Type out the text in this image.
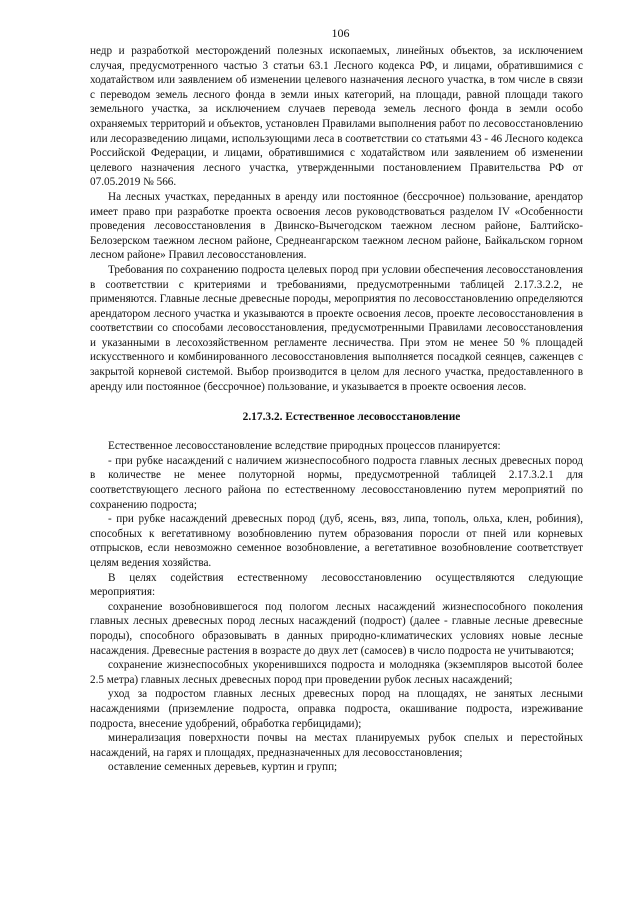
106

недр и разработкой месторождений полезных ископаемых, линейных объектов, за исключением случая, предусмотренного частью 3 статьи 63.1 Лесного кодекса РФ, и лицами, обратившимися с ходатайством или заявлением об изменении целевого назначения лесного участка, в том числе в связи с переводом земель лесного фонда в земли иных категорий, на площади, равной площади такого земельного участка, за исключением случаев перевода земель лесного фонда в земли особо охраняемых территорий и объектов, установлен Правилами выполнения работ по лесовосстановлению или лесоразведению лицами, использующими леса в соответствии со статьями 43 - 46 Лесного кодекса Российской Федерации, и лицами, обратившимися с ходатайством или заявлением об изменении целевого назначения лесного участка, утвержденными постановлением Правительства РФ от 07.05.2019 № 566.

На лесных участках, переданных в аренду или постоянное (бессрочное) пользование, арендатор имеет право при разработке проекта освоения лесов руководствоваться разделом IV «Особенности проведения лесовосстановления в Двинско-Вычегодском таежном лесном районе, Балтийско-Белозерском таежном лесном районе, Среднеангарском таежном лесном районе, Байкальском горном лесном районе» Правил лесовосстановления.

Требования по сохранению подроста целевых пород при условии обеспечения лесовосстановления в соответствии с критериями и требованиями, предусмотренными таблицей 2.17.3.2.2, не применяются. Главные лесные древесные породы, мероприятия по лесовосстановлению определяются арендатором лесного участка и указываются в проекте освоения лесов, проекте лесовосстановления в соответствии со способами лесовосстановления, предусмотренными Правилами лесовосстановления и указанными в лесохозяйственном регламенте лесничества. При этом не менее 50 % площадей искусственного и комбинированного лесовосстановления выполняется посадкой сеянцев, саженцев с закрытой корневой системой. Выбор производится в целом для лесного участка, предоставленного в аренду или постоянное (бессрочное) пользование, и указывается в проекте освоения лесов.

2.17.3.2. Естественное лесовосстановление

Естественное лесовосстановление вследствие природных процессов планируется:

- при рубке насаждений с наличием жизнеспособного подроста главных лесных древесных пород в количестве не менее полуторной нормы, предусмотренной таблицей 2.17.3.2.1 для соответствующего лесного района по естественному лесовосстановлению путем мероприятий по сохранению подроста;

- при рубке насаждений древесных пород (дуб, ясень, вяз, липа, тополь, ольха, клен, робиния), способных к вегетативному возобновлению путем образования поросли от пней или корневых отпрысков, если невозможно семенное возобновление, а вегетативное возобновление соответствует целям ведения хозяйства.

В целях содействия естественному лесовосстановлению осуществляются следующие мероприятия:

сохранение возобновившегося под пологом лесных насаждений жизнеспособного поколения главных лесных древесных пород лесных насаждений (подрост) (далее - главные лесные древесные породы), способного образовывать в данных природно-климатических условиях новые лесные насаждения. Древесные растения в возрасте до двух лет (самосев) в число подроста не учитываются;

сохранение жизнеспособных укоренившихся подроста и молодняка (экземпляров высотой более 2.5 метра) главных лесных древесных пород при проведении рубок лесных насаждений;

уход за подростом главных лесных древесных пород на площадях, не занятых лесными насаждениями (приземление подроста, оправка подроста, окашивание подроста, изреживание подроста, внесение удобрений, обработка гербицидами);

минерализация поверхности почвы на местах планируемых рубок спелых и перестойных насаждений, на гарях и площадях, предназначенных для лесовосстановления;

оставление семенных деревьев, куртин и групп;
